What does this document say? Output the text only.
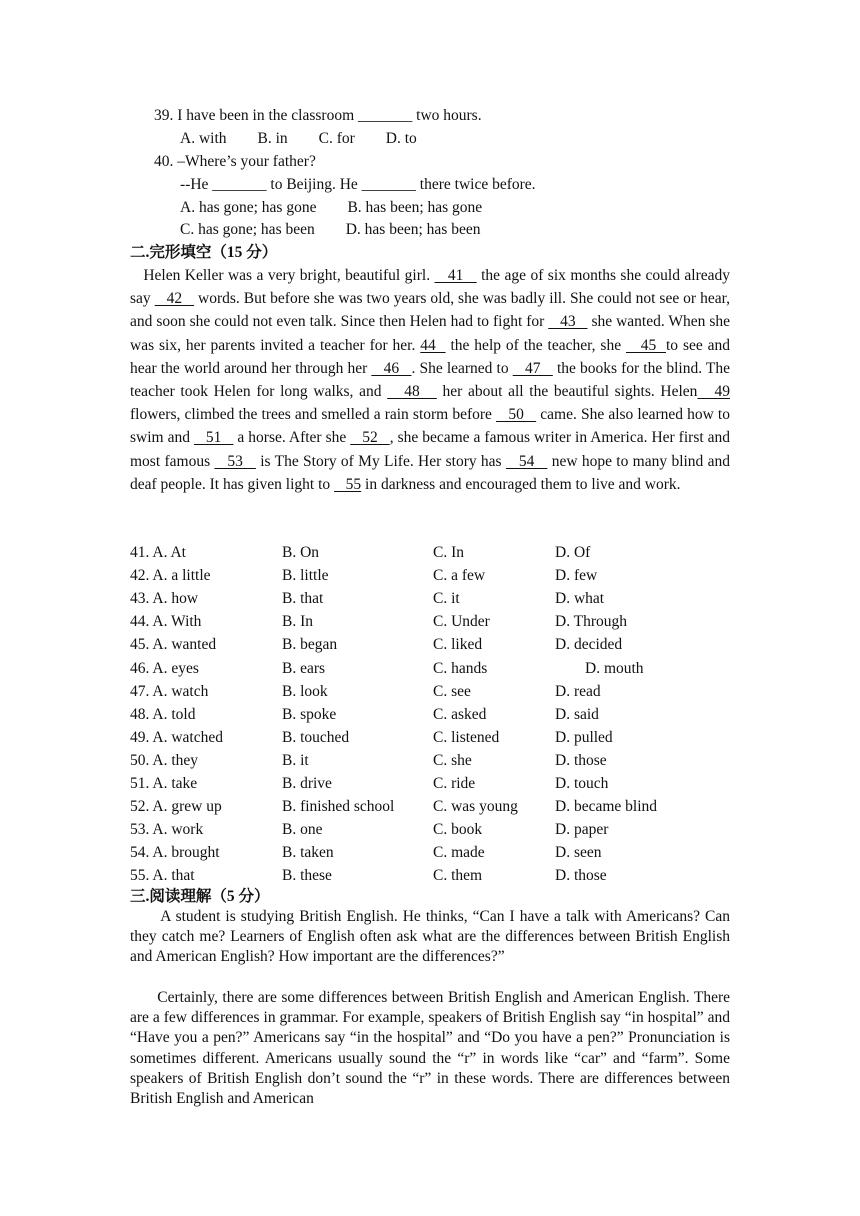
39. I have been in the classroom _______ two hours.
A. with        B. in        C. for        D. to
40. –Where’s your father?
--He _______ to Beijing. He _______ there twice before.
A. has gone; has gone        B. has been; has gone
C. has gone; has been        D. has been; has been
二.完形填空（15 分）
Helen Keller was a very bright, beautiful girl.    41    the age of six months she could already say    42    words. But before she was two years old, she was badly ill. She could not see or hear, and soon she could not even talk. Since then Helen had to fight for    43    she wanted. When she was six, her parents invited a teacher for her. 44   the help of the teacher, she    45  to see and hear the world around her through her    46   . She learned to    47    the books for the blind. The teacher took Helen for long walks, and    48    her about all the beautiful sights. Helen   49 flowers, climbed the trees and smelled a rain storm before    50    came. She also learned how to swim and    51    a horse. After she    52   , she became a famous writer in America. Her first and most famous    53    is The Story of My Life. Her story has    54    new hope to many blind and deaf people. It has given light to    55 in darkness and encouraged them to live and work.
41. A. At	B. On	C. In	D. Of
42. A. a little	B. little	C. a few	D. few
43. A. how	B. that	C. it	D. what
44. A. With	B. In	C. Under	D. Through
45. A. wanted	B. began	C. liked	D. decided
46. A. eyes	B. ears	C. hands	D. mouth
47. A. watch	B. look	C. see	D. read
48. A. told	B. spoke	C. asked	D. said
49. A. watched	B. touched	C. listened	D. pulled
50. A. they	B. it	C. she	D. those
51. A. take	B. drive	C. ride	D. touch
52. A. grew up	B. finished school C. was young D. became blind
53. A. work	B. one	C. book	D. paper
54. A. brought	B. taken	C. made	D. seen
55. A. that	B. these	C. them	D. those
三.阅读理解（5 分）
A student is studying British English. He thinks, “Can I have a talk with Americans? Can they catch me? Learners of English often ask what are the differences between British English and American English? How important are the differences?”
Certainly, there are some differences between British English and American English. There are a few differences in grammar. For example, speakers of British English say “in hospital” and “Have you a pen?” Americans say “in the hospital” and “Do you have a pen?” Pronunciation is sometimes different. Americans usually sound the “r” in words like “car” and “farm”. Some speakers of British English don’t sound the “r” in these words. There are differences between British English and American
